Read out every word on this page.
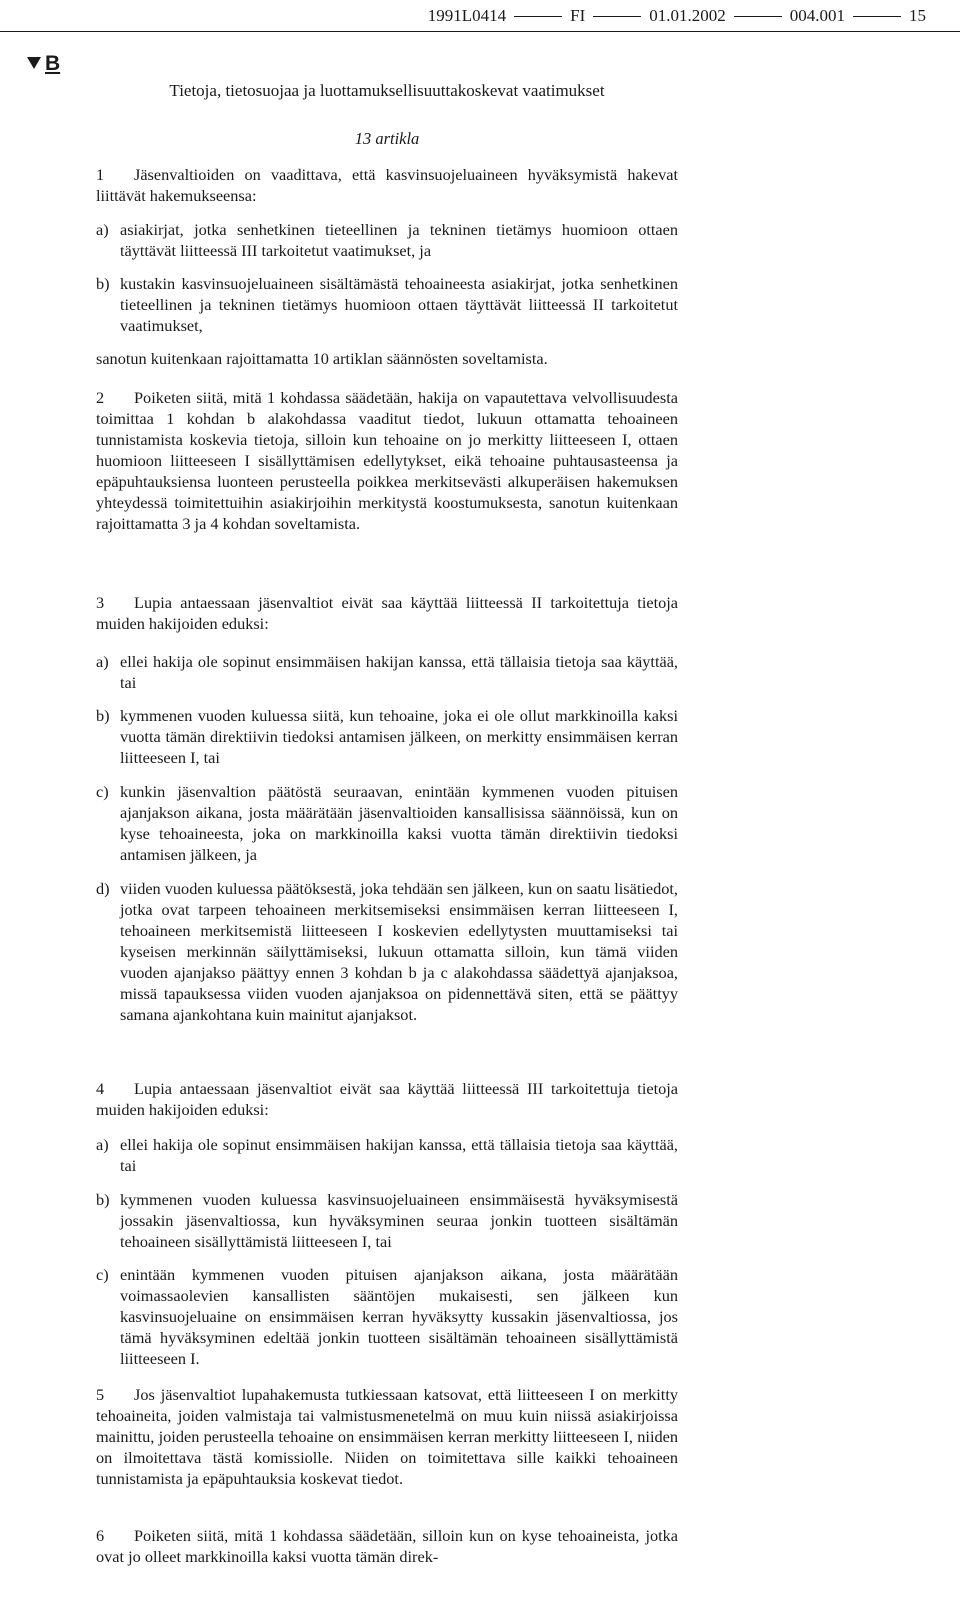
1991L0414	FI	01.01.2002	004.001	15
B
Tietoja, tietosuojaa ja luottamuksellisuuttakoskevat vaatimukset
13 artikla

1 Jäsenvaltioiden on vaadittava, että kasvinsuojeluaineen hyväksymistä hakevat liittävät hakemukseensa:

a) asiakirjat, jotka senhetkinen tieteellinen ja tekninen tietämys huomioon ottaen täyttävät liitteessä III tarkoitetut vaatimukset, ja

b) kustakin kasvinsuojeluaineen sisältämästä tehoaineesta asiakirjat, jotka senhetkinen tieteellinen ja tekninen tietämys huomioon ottaen täyttävät liitteessä II tarkoitetut vaatimukset,

sanotun kuitenkaan rajoittamatta 10 artiklan säännösten soveltamista.

2 Poiketen siitä, mitä 1 kohdassa säädetään, hakija on vapautettava velvollisuudesta toimittaa 1 kohdan b alakohdassa vaaditut tiedot, lukuun ottamatta tehoaineen tunnistamista koskevia tietoja, silloin kun tehoaine on jo merkitty liitteeseen I, ottaen huomioon liitteeseen I sisällyttämisen edellytykset, eikä tehoaine puhtausasteensa ja epäpuhtauksiensa luonteen perusteella poikkea merkitsevästi alkuperäisen hakemuksen yhteydessä toimitettuihin asiakirjoihin merkitystä koostumuksesta, sanotun kuitenkaan rajoittamatta 3 ja 4 kohdan soveltamista.

3 Lupia antaessaan jäsenvaltiot eivät saa käyttää liitteessä II tarkoitettuja tietoja muiden hakijoiden eduksi:

a) ellei hakija ole sopinut ensimmäisen hakijan kanssa, että tällaisia tietoja saa käyttää, tai

b) kymmenen vuoden kuluessa siitä, kun tehoaine, joka ei ole ollut markkinoilla kaksi vuotta tämän direktiivin tiedoksi antamisen jälkeen, on merkitty ensimmäisen kerran liitteeseen I, tai

c) kunkin jäsenvaltion päätöstä seuraavan, enintään kymmenen vuoden pituisen ajanjakson aikana, josta määrätään jäsenvaltioiden kansallisissa säännöissä, kun on kyse tehoaineesta, joka on markkinoilla kaksi vuotta tämän direktiivin tiedoksi antamisen jälkeen, ja

d) viiden vuoden kuluessa päätöksestä, joka tehdään sen jälkeen, kun on saatu lisätiedot, jotka ovat tarpeen tehoaineen merkitsemiseksi ensimmäisen kerran liitteeseen I, tehoaineen merkitsemistä liitteeseen I koskevien edellytysten muuttamiseksi tai kyseisen merkinnän säilyttämiseksi, lukuun ottamatta silloin, kun tämä viiden vuoden ajanjakso päättyy ennen 3 kohdan b ja c alakohdassa säädettyä ajanjaksoa, missä tapauksessa viiden vuoden ajanjaksoa on pidennettävä siten, että se päättyy samana ajankohtana kuin mainitut ajanjaksot.

4 Lupia antaessaan jäsenvaltiot eivät saa käyttää liitteessä III tarkoitettuja tietoja muiden hakijoiden eduksi:

a) ellei hakija ole sopinut ensimmäisen hakijan kanssa, että tällaisia tietoja saa käyttää, tai

b) kymmenen vuoden kuluessa kasvinsuojeluaineen ensimmäisestä hyväksymisestä jossakin jäsenvaltiossa, kun hyväksyminen seuraa jonkin tuotteen sisältämän tehoaineen sisällyttämistä liitteeseen I, tai

c) enintään kymmenen vuoden pituisen ajanjakson aikana, josta määrätään voimassaolevien kansallisten sääntöjen mukaisesti, sen jälkeen kun kasvinsuojeluaine on ensimmäisen kerran hyväksytty kussakin jäsenvaltiossa, jos tämä hyväksyminen edeltää jonkin tuotteen sisältämän tehoaineen sisällyttämistä liitteeseen I.

5 Jos jäsenvaltiot lupahakemusta tutkiessaan katsovat, että liitteeseen I on merkitty tehoaineita, joiden valmistaja tai valmistusmenetelmä on muu kuin niissä asiakirjoissa mainittu, joiden perusteella tehoaine on ensimmäisen kerran merkitty liitteeseen I, niiden on ilmoitettava tästä komissiolle. Niiden on toimitettava sille kaikki tehoaineen tunnistamista ja epäpuhtauksia koskevat tiedot.

6 Poiketen siitä, mitä 1 kohdassa säädetään, silloin kun on kyse tehoaineista, jotka ovat jo olleet markkinoilla kaksi vuotta tämän direk-
